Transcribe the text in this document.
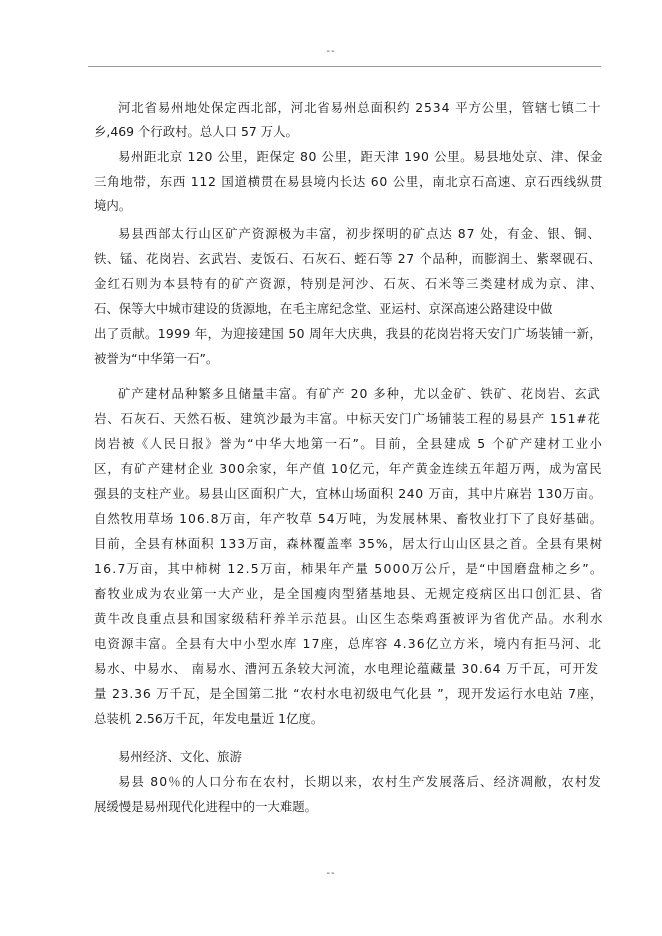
--
河北省易州地处保定西北部，河北省易州总面积约 2534 平方公里，管辖七镇二十
乡,469 个行政村。总人口 57 万人。
易州距北京 120 公里，距保定 80 公里，距天津 190 公里。易县地处京、津、保金
三角地带，东西 112 国道横贯在易县境内长达 60 公里，南北京石高速、京石西线纵贯
境内。
易县西部太行山区矿产资源极为丰富，初步探明的矿点达 87 处，有金、银、铜、
铁、锰、花岗岩、玄武岩、麦饭石、石灰石、蛭石等 27 个品种，而膨润土、紫翠砚石、
金红石则为本县特有的矿产资源，特别是河沙、石灰、石米等三类建材成为京、津、
石、保等大中城市建设的货源地，在毛主席纪念堂、亚运村、京深高速公路建设中做
出了贡献。1999 年，为迎接建国 50 周年大庆典，我县的花岗岩将天安门广场装铺一新，
被誉为“中华第一石”。
矿产建材品种繁多且储量丰富。有矿产 20 多种，尤以金矿、铁矿、花岗岩、玄武
岩、石灰石、天然石板、建筑沙最为丰富。中标天安门广场铺装工程的易县产 151#花
岗岩被《人民日报》誉为“中华大地第一石”。目前，全县建成 5 个矿产建材工业小
区，有矿产建材企业 300余家，年产值 10亿元，年产黄金连续五年超万两，成为富民
强县的支柱产业。易县山区面积广大，宜林山场面积 240 万亩，其中片麻岩 130万亩。
自然牧用草场 106.8万亩，年产牧草 54万吨，为发展林果、畜牧业打下了良好基础。
目前，全县有林面积 133万亩，森林覆盖率 35%，居太行山山区县之首。全县有果树
16.7万亩，其中柿树 12.5万亩，柿果年产量 5000万公斤，是“中国磨盘柿之乡”。
畜牧业成为农业第一大产业，是全国瘦肉型猪基地县、无规定疫病区出口创汇县、省
黄牛改良重点县和国家级秸秆养羊示范县。山区生态柴鸡蛋被评为省优产品。水利水
电资源丰富。全县有大中小型水库 17座，总库容 4.36亿立方米，境内有拒马河、北
易水、中易水、 南易水、漕河五条较大河流，水电理论蕴藏量 30.64 万千瓦，可开发
量 23.36 万千瓦，是全国第二批 “农村水电初级电气化县 ”，现开发运行水电站 7座，
总装机 2.56万千瓦，年发电量近 1亿度。
易州经济、文化、旅游
易县 80％的人口分布在农村，长期以来，农村生产发展落后、经济凋敝，农村发
展缓慢是易州现代化进程中的一大难题。
--
